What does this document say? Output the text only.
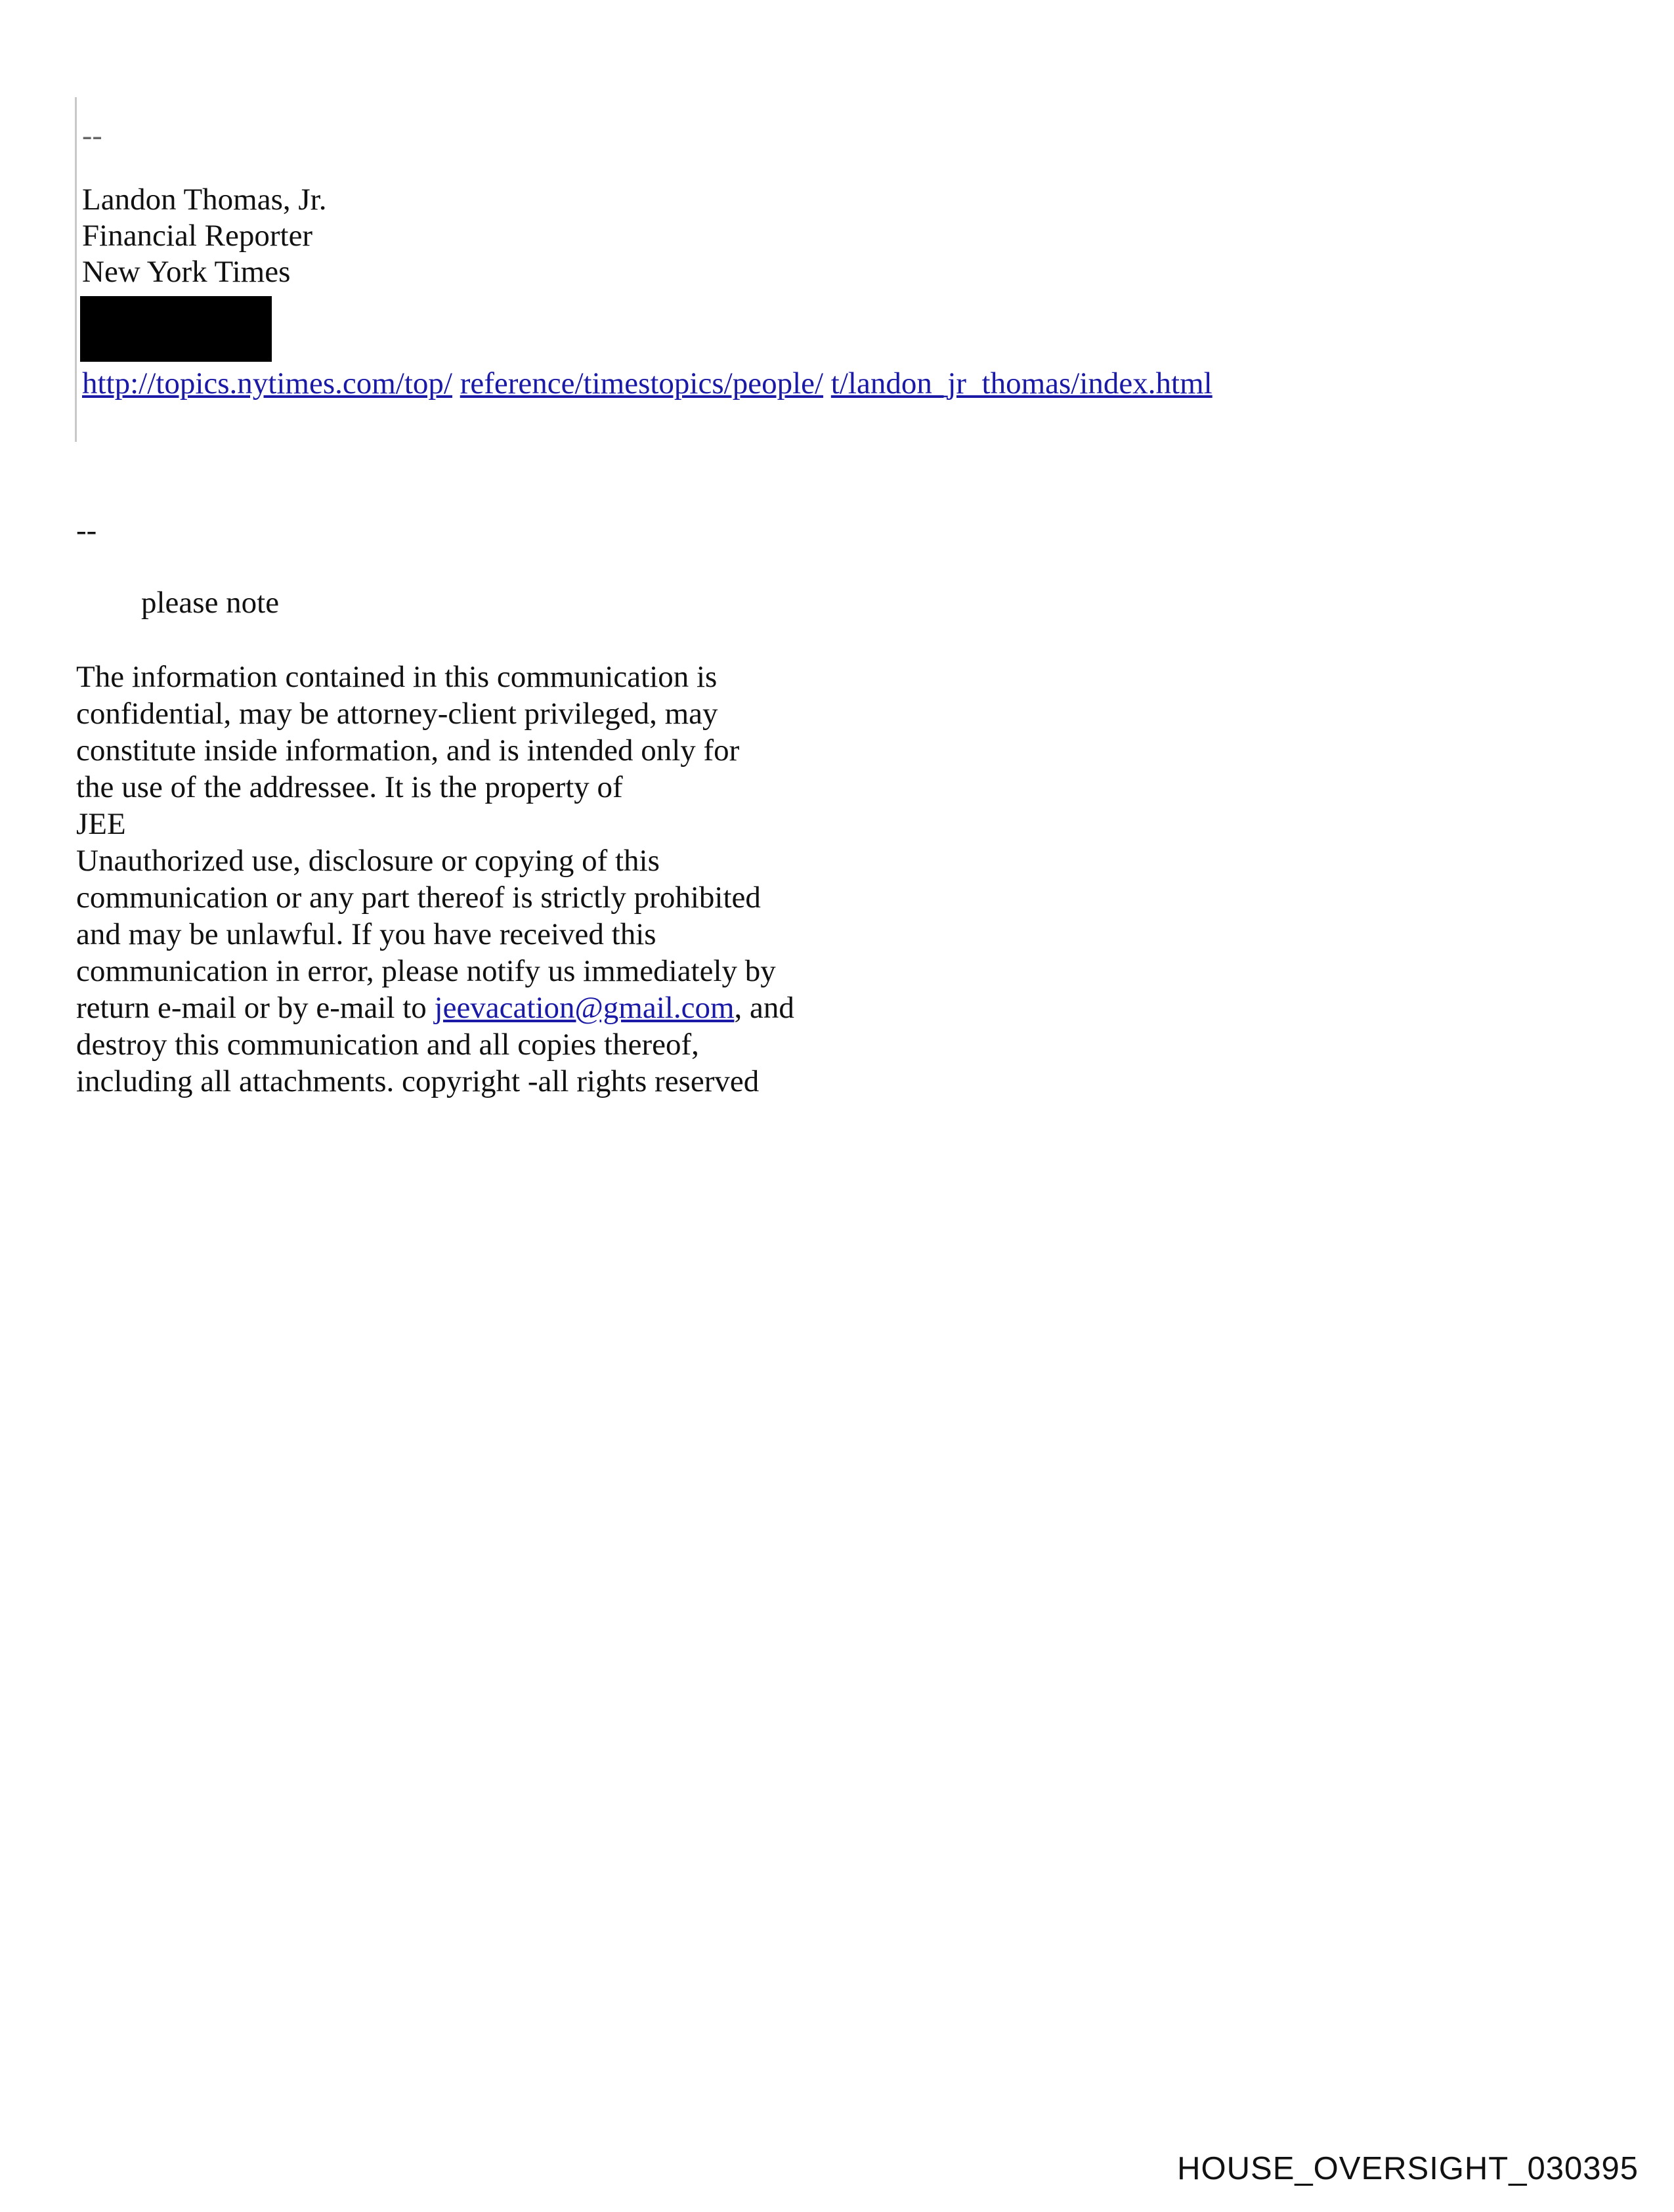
--
Landon Thomas, Jr.
Financial Reporter
New York Times
http://topics.nytimes.com/top/ reference/timestopics/people/ t/landon_jr_thomas/index.html
--
please note
The information contained in this communication is
confidential, may be attorney-client privileged, may
constitute inside information, and is intended only for
the use of the addressee. It is the property of
JEE
Unauthorized use, disclosure or copying of this
communication or any part thereof is strictly prohibited
and may be unlawful. If you have received this
communication in error, please notify us immediately by
return e-mail or by e-mail to jeevacation@gmail.com, and
destroy this communication and all copies thereof,
including all attachments. copyright -all rights reserved
HOUSE_OVERSIGHT_030395
